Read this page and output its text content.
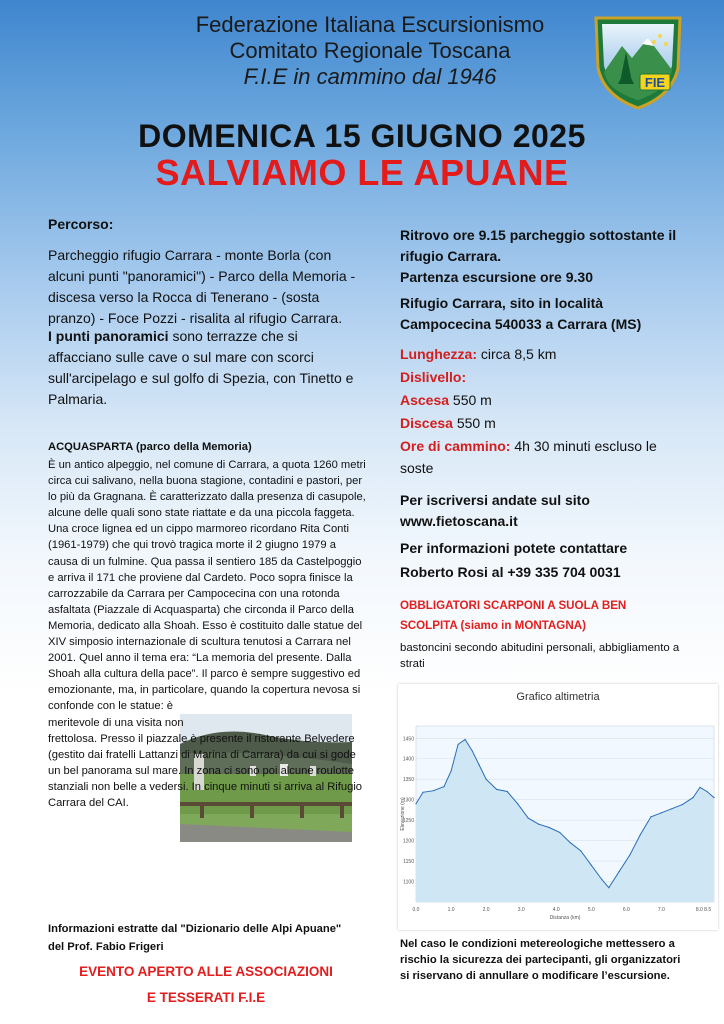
FIE
Federazione Italiana Escursionismo
Comitato Regionale Toscana
F.I.E in cammino dal 1946
DOMENICA 15 GIUGNO 2025
SALVIAMO LE APUANE
Percorso:
Parcheggio rifugio Carrara - monte Borla (con alcuni punti "panoramici") - Parco della Memoria - discesa verso la Rocca di Tenerano - (sosta pranzo) - Foce Pozzi - risalita al rifugio Carrara.
I punti panoramici sono terrazze che si affacciano sulle cave o sul mare con scorci sull'arcipelago e sul golfo di Spezia, con Tinetto e Palmaria.
ACQUASPARTA (parco della Memoria)
È un antico alpeggio, nel comune di Carrara, a quota 1260 metri circa cui salivano, nella buona stagione, contadini e pastori, per lo più da Gragnana. È caratterizzato dalla presenza di casupole, alcune delle quali sono state riattate e da una piccola faggeta. Una croce lignea ed un cippo marmoreo ricordano Rita Conti (1961-1979) che qui trovò tragica morte il 2 giugno 1979 a causa di un fulmine. Qua passa il sentiero 185 da Castelpoggio e arriva il 171 che proviene dal Cardeto. Poco sopra finisce la carrozzabile da Carrara per Campocecina con una rotonda asfaltata (Piazzale di Acquasparta) che circonda il Parco della Memoria, dedicato alla Shoah. Esso è costituito dalle statue del XIV simposio internazionale di scultura tenutosi a Carrara nel 2001. Quel anno il tema era: “La memoria del presente. Dalla Shoah alla cultura della pace”. Il parco è sempre suggestivo ed emozionante, ma, in particolare, quando la copertura nevosa si confonde con le statue: è meritevole di una visita non frettolosa. Presso il piazzale è presente il ristorante Belvedere (gestito dai fratelli Lattanzi di Marina di Carrara) da cui si gode un bel panorama sul mare. In zona ci sono poi alcune roulotte stanziali non belle a vedersi. In cinque minuti si arriva al Rifugio Carrara del CAI.
Informazioni estratte dal "Dizionario delle Alpi Apuane" del Prof. Fabio Frigeri
EVENTO APERTO ALLE ASSOCIAZIONI
E TESSERATI F.I.E
Ritrovo ore 9.15 parcheggio sottostante il rifugio Carrara.
Partenza escursione ore 9.30
Rifugio Carrara, sito in località Campocecina 540033 a Carrara (MS)
Lunghezza: circa 8,5 km
Dislivello:
Ascesa 550 m
Discesa 550 m
Ore di cammino: 4h 30 minuti escluso le soste
Per iscriversi andate sul sito www.fietoscana.it
Per informazioni potete contattare
Roberto Rosi al +39 335 704 0031
OBBLIGATORI SCARPONI A SUOLA BEN SCOLPITA (siamo in MONTAGNA)
bastoncini secondo abitudini personali, abbigliamento a strati
Grafico altimetria
1450
1400
1350
1300
1250
1200
1150
1100
0.0	1.0	2.0	3.0	4.0	5.0	6.0	7.0	8.0 8.5
Distanza (km)
Elevazione (m)
Nel caso le condizioni metereologiche mettessero a rischio la sicurezza dei partecipanti, gli organizzatori si riservano di annullare o modificare l’escursione.
